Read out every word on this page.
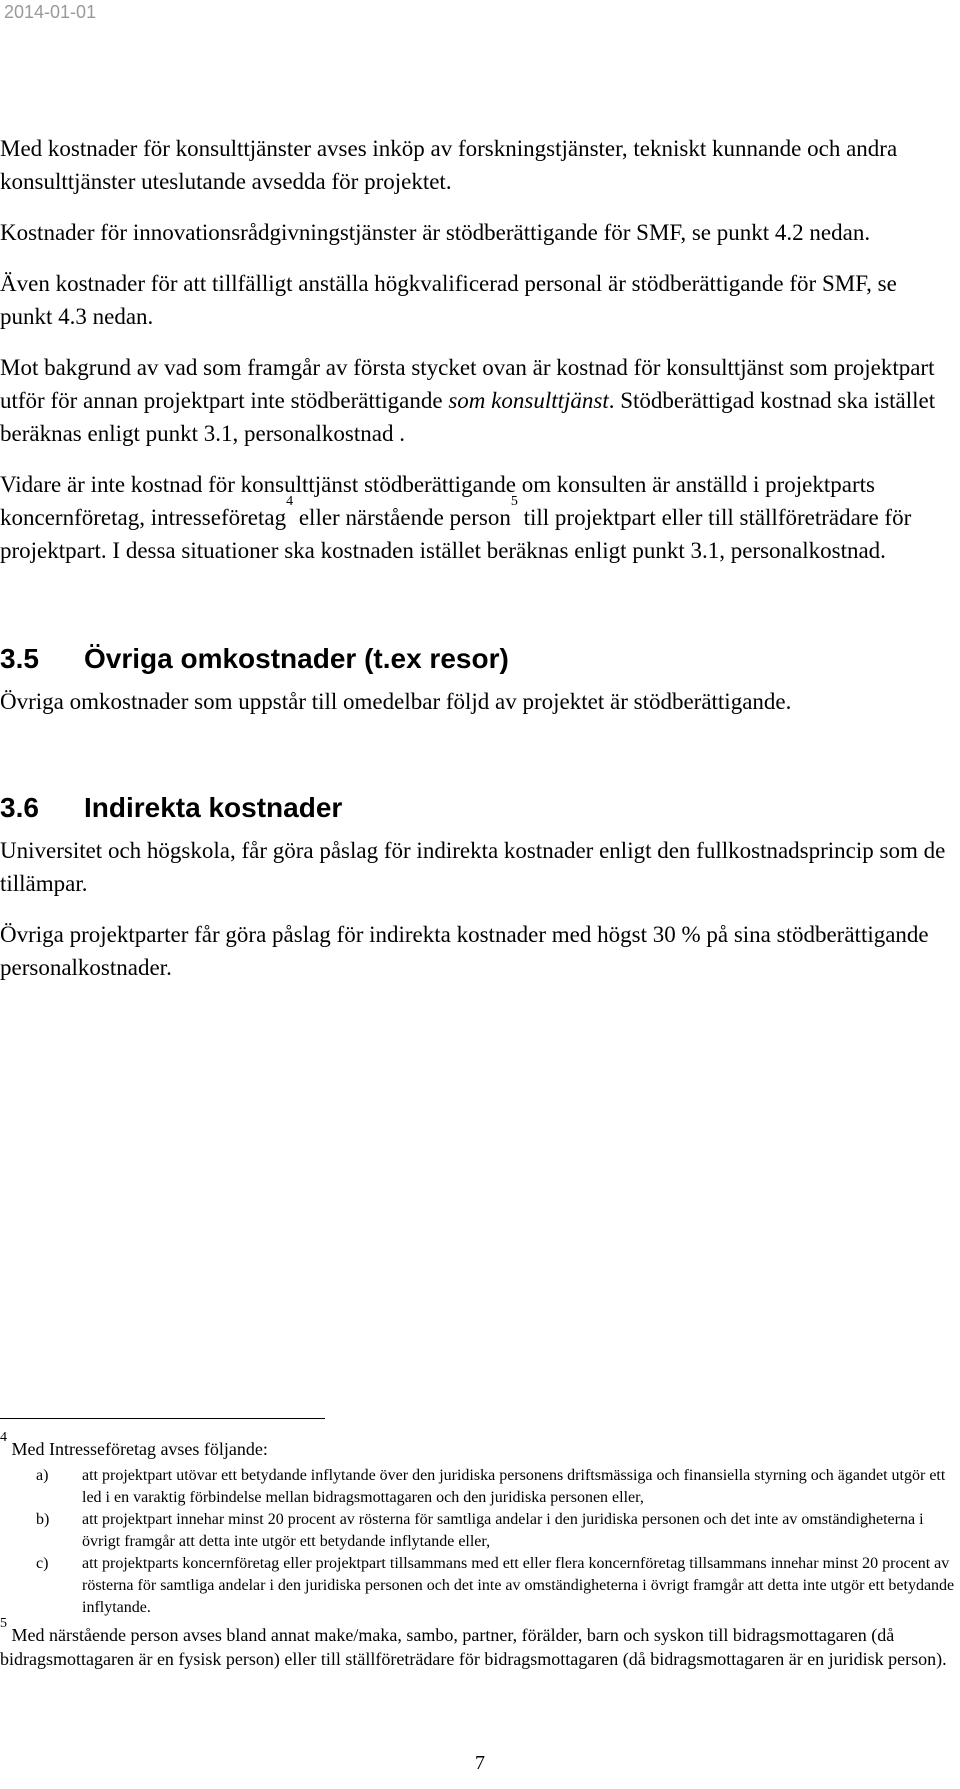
2014-01-01

Med kostnader för konsulttjänster avses inköp av forskningstjänster, tekniskt kunnande och andra konsulttjänster uteslutande avsedda för projektet.

Kostnader för innovationsrådgivningstjänster är stödberättigande för SMF, se punkt 4.2 nedan.

Även kostnader för att tillfälligt anställa högkvalificerad personal är stödberättigande för SMF, se punkt 4.3 nedan.

Mot bakgrund av vad som framgår av första stycket ovan är kostnad för konsulttjänst som projektpart utför för annan projektpart inte stödberättigande som konsulttjänst. Stödberättigad kostnad ska istället beräknas enligt punkt 3.1, personalkostnad .

Vidare är inte kostnad för konsulttjänst stödberättigande om konsulten är anställd i projektparts koncernföretag, intresseföretag$^4$ eller närstående person$^5$ till projektpart eller till ställföreträdare för projektpart. I dessa situationer ska kostnaden istället beräknas enligt punkt 3.1, personalkostnad.

3.5 Övriga omkostnader (t.ex resor)

Övriga omkostnader som uppstår till omedelbar följd av projektet är stödberättigande.

3.6 Indirekta kostnader

Universitet och högskola, får göra påslag för indirekta kostnader enligt den fullkostnadsprincip som de tillämpar.

Övriga projektparter får göra påslag för indirekta kostnader med högst 30 % på sina stödberättigande personalkostnader.

$^4$ Med Intresseföretag avses följande:
a) att projektpart utövar ett betydande inflytande över den juridiska personens driftsmässiga och finansiella styrning och ägandet utgör ett led i en varaktig förbindelse mellan bidragsmottagaren och den juridiska personen eller,
b) att projektpart innehar minst 20 procent av rösterna för samtliga andelar i den juridiska personen och det inte av omständigheterna i övrigt framgår att detta inte utgör ett betydande inflytande eller,
c) att projektparts koncernföretag eller projektpart tillsammans med ett eller flera koncernföretag tillsammans innehar minst 20 procent av rösterna för samtliga andelar i den juridiska personen och det inte av omständigheterna i övrigt framgår att detta inte utgör ett betydande inflytande.
$^5$ Med närstående person avses bland annat make/maka, sambo, partner, förälder, barn och syskon till bidragsmottagaren (då bidragsmottagaren är en fysisk person) eller till ställföreträdare för bidragsmottagaren (då bidragsmottagaren är en juridisk person).
7
